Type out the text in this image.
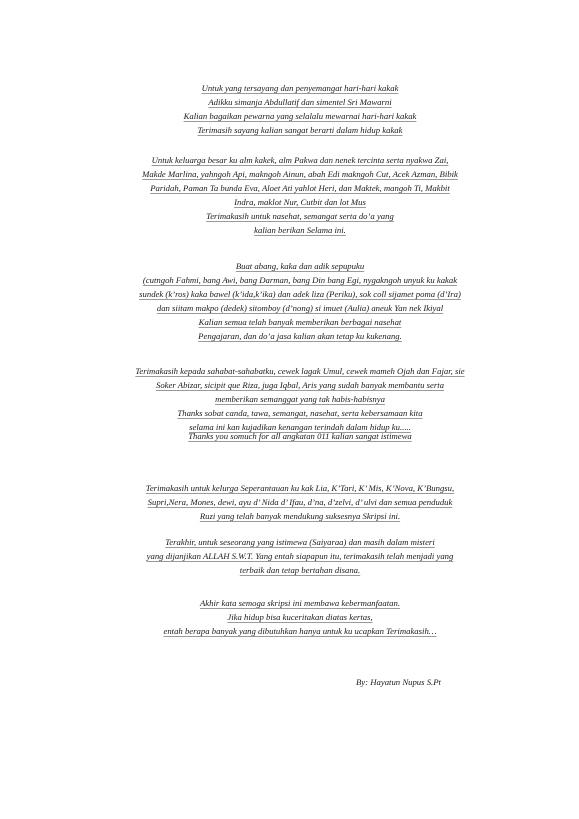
Untuk yang tersayang dan penyemangat hari-hari kakak
Adikku simanja Abdullatif dan simentel Sri Mawarni
Kalian bagaikan pewarna yang selalalu mewarnai hari-hari kakak
Terimasih sayang kalian sangat berarti dalam hidup kakak
Untuk keluarga besar ku alm kakek, alm Pakwa dan nenek tercinta serta nyakwa Zai,
Makde Marlina, yahngoh Api, makngoh Ainun, abah Edi makngoh Cut, Acek Azman, Bibik
Paridah, Paman Ta bunda Eva, Aloet Ati yahlot Heri, dan Maktek, mangoh Ti, Makbit
Indra, maklot Nur, Cutbit dan lot Mus
Terimakasih untuk nasehat, semangat serta do’a yang
kalian berikan Selama ini.
Buat abang, kaka dan adik sepupuku
(cutngoh Fahmi, bang Awi, bang Darman, bang Din bang Egi, nygakngoh unyuk ku kakak
sundek (k’ros) kaka bawel (k’ida,k’ika) dan adek liza (Periku), sok coll sijamet poma (d’Ira)
dan siitam makpo (dedek) sitomboy (d’nong) si imuet (Aulia) aneuk Yan nek Ikiyal
Kalian semua telah banyak memberikan berbagai nasehat
Pengajaran, dan do’a jasa kalian akan tetap ku kukenang.
Terimakasih kepada sahabat-sahabatku, cewek lagak Umul, cewek mameh Ojah dan Fajar, sie
Soker Abizar, sicipit que Riza, juga Iqbal, Aris yang sudah banyak membantu serta
memberikan semanggat yang tak habis-habisnya
Thanks sobat canda, tawa, semangat, nasehat, serta kebersamaan kita
selama ini kan kujadikan kenangan terindah dalam hidup ku.....
Thanks you somuch for all angkatan 011 kalian sangat istimewa
Terimakasih untuk kelurga Seperantauan ku kak Lia, K’Tari, K’ Mis, K’Nova, K’Bungsu,
Supri,Nera, Mones, dewi, ayu d’ Nida d’ Ifau, d’na, d’zelvi, d’ ulvi dan semua penduduk
Ruzi yang telah banyak mendukung suksesnya Skripsi ini.
Terakhir, untuk seseorang yang istimewa (Saiyaraa) dan masih dalam misteri
yang dijanjikan ALLAH S.W.T. Yang entah siapapun itu, terimakasih telah menjadi yang
terbaik dan tetap bertahan disana.
Akhir kata semoga skripsi ini membawa kebermanfaatan.
Jika hidup bisa kuceritakan diatas kertas,
entah berapa banyak yang dibutuhkan hanya untuk ku ucapkan Terimakasih…
By: Hayatun Nupus S.Pt
